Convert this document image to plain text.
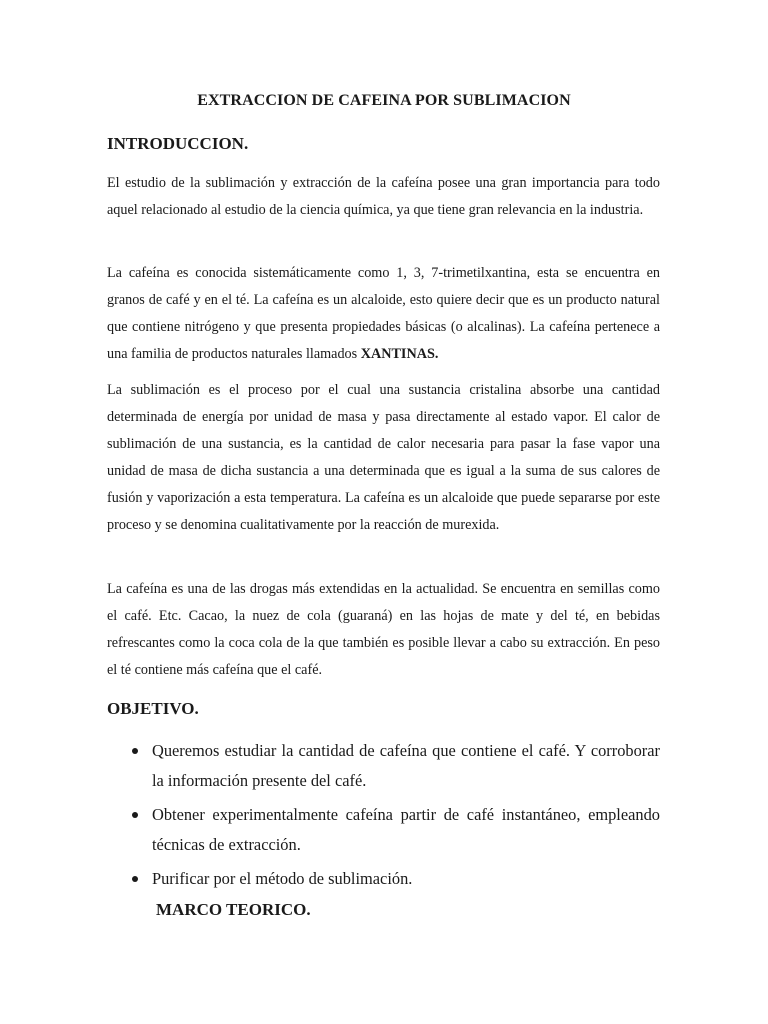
EXTRACCION DE CAFEINA POR SUBLIMACION
INTRODUCCION.

El estudio de la sublimación y extracción de la cafeína posee una gran importancia para todo aquel relacionado al estudio de la ciencia química, ya que tiene gran relevancia en la industria.

La cafeína es conocida sistemáticamente como 1, 3, 7-trimetilxantina, esta se encuentra en granos de café y en el té. La cafeína es un alcaloide, esto quiere decir que es un producto natural que contiene nitrógeno y que presenta propiedades básicas (o alcalinas). La cafeína pertenece a una familia de productos naturales llamados XANTINAS.

La sublimación es el proceso por el cual una sustancia cristalina absorbe una cantidad determinada de energía por unidad de masa y pasa directamente al estado vapor. El calor de sublimación de una sustancia, es la cantidad de calor necesaria para pasar la fase vapor una unidad de masa de dicha sustancia a una determinada que es igual a la suma de sus calores de fusión y vaporización a esta temperatura. La cafeína es un alcaloide que puede separarse por este proceso y se denomina cualitativamente por la reacción de murexida.

La cafeína es una de las drogas más extendidas en la actualidad. Se encuentra en semillas como el café. Etc. Cacao, la nuez de cola (guaraná) en las hojas de mate y del té, en bebidas refrescantes como la coca cola de la que también es posible llevar a cabo su extracción. En peso el té contiene más cafeína que el café.

OBJETIVO.
Queremos estudiar la cantidad de cafeína que contiene el café. Y corroborar la información presente del café.
Obtener experimentalmente cafeína partir de café instantáneo, empleando técnicas de extracción.
Purificar por el método de sublimación.
MARCO TEORICO.
